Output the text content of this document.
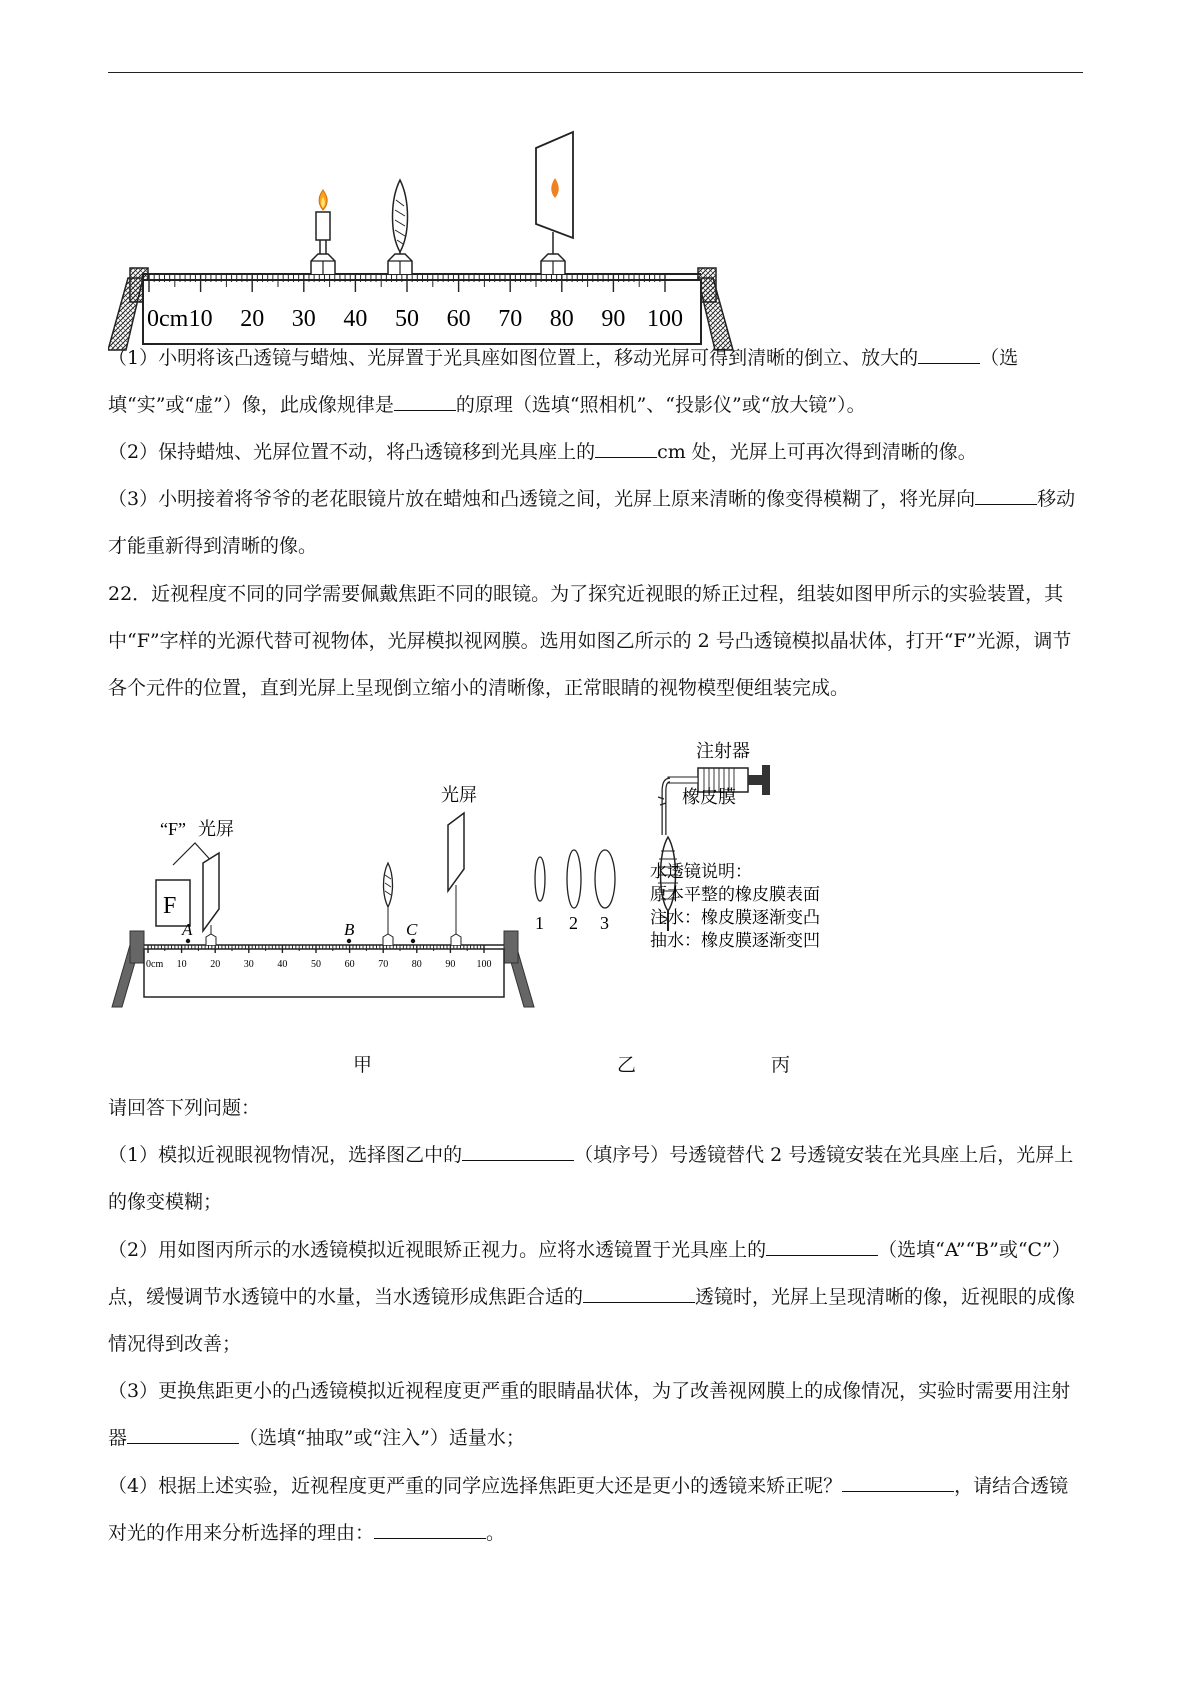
0cm 10 20 30 40 50 60 70 80 90 100

（1）小明将该凸透镜与蜡烛、光屏置于光具座如图位置上，移动光屏可得到清晰的倒立、放大的	（选填“实”或“虚”）像，此成像规律是	的原理（选填“照相机”、“投影仪”或“放大镜”）。

（2）保持蜡烛、光屏位置不动，将凸透镜移到光具座上的	cm 处，光屏上可再次得到清晰的像。

（3）小明接着将爷爷的老花眼镜片放在蜡烛和凸透镜之间，光屏上原来清晰的像变得模糊了，将光屏向	移动才能重新得到清晰的像。

22．近视程度不同的同学需要佩戴焦距不同的眼镜。为了探究近视眼的矫正过程，组装如图甲所示的实验装置，其中“F”字样的光源代替可视物体，光屏模拟视网膜。选用如图乙所示的 2 号凸透镜模拟晶状体，打开“F”光源，调节各个元件的位置，直到光屏上呈现倒立缩小的清晰像，正常眼睛的视物模型便组装完成。

0cm 10 20 30 40 50 60 70 80 90 100
“F” 光屏
F
光屏
A	B	C	1 2 3
注射器
橡皮膜
水透镜说明：
原本平整的橡皮膜表面
注水：橡皮膜逐渐变凸
抽水：橡皮膜逐渐变凹
甲	乙	丙

请回答下列问题：

（1）模拟近视眼视物情况，选择图乙中的	（填序号）号透镜替代 2 号透镜安装在光具座上后，光屏上的像变模糊；

（2）用如图丙所示的水透镜模拟近视眼矫正视力。应将水透镜置于光具座上的	（选填“A”“B”或“C”）点，缓慢调节水透镜中的水量，当水透镜形成焦距合适的	透镜时，光屏上呈现清晰的像，近视眼的成像情况得到改善；

（3）更换焦距更小的凸透镜模拟近视程度更严重的眼睛晶状体，为了改善视网膜上的成像情况，实验时需要用注射器	（选填“抽取”或“注入”）适量水；

（4）根据上述实验，近视程度更严重的同学应选择焦距更大还是更小的透镜来矫正呢？	，请结合透镜对光的作用来分析选择的理由：	。
